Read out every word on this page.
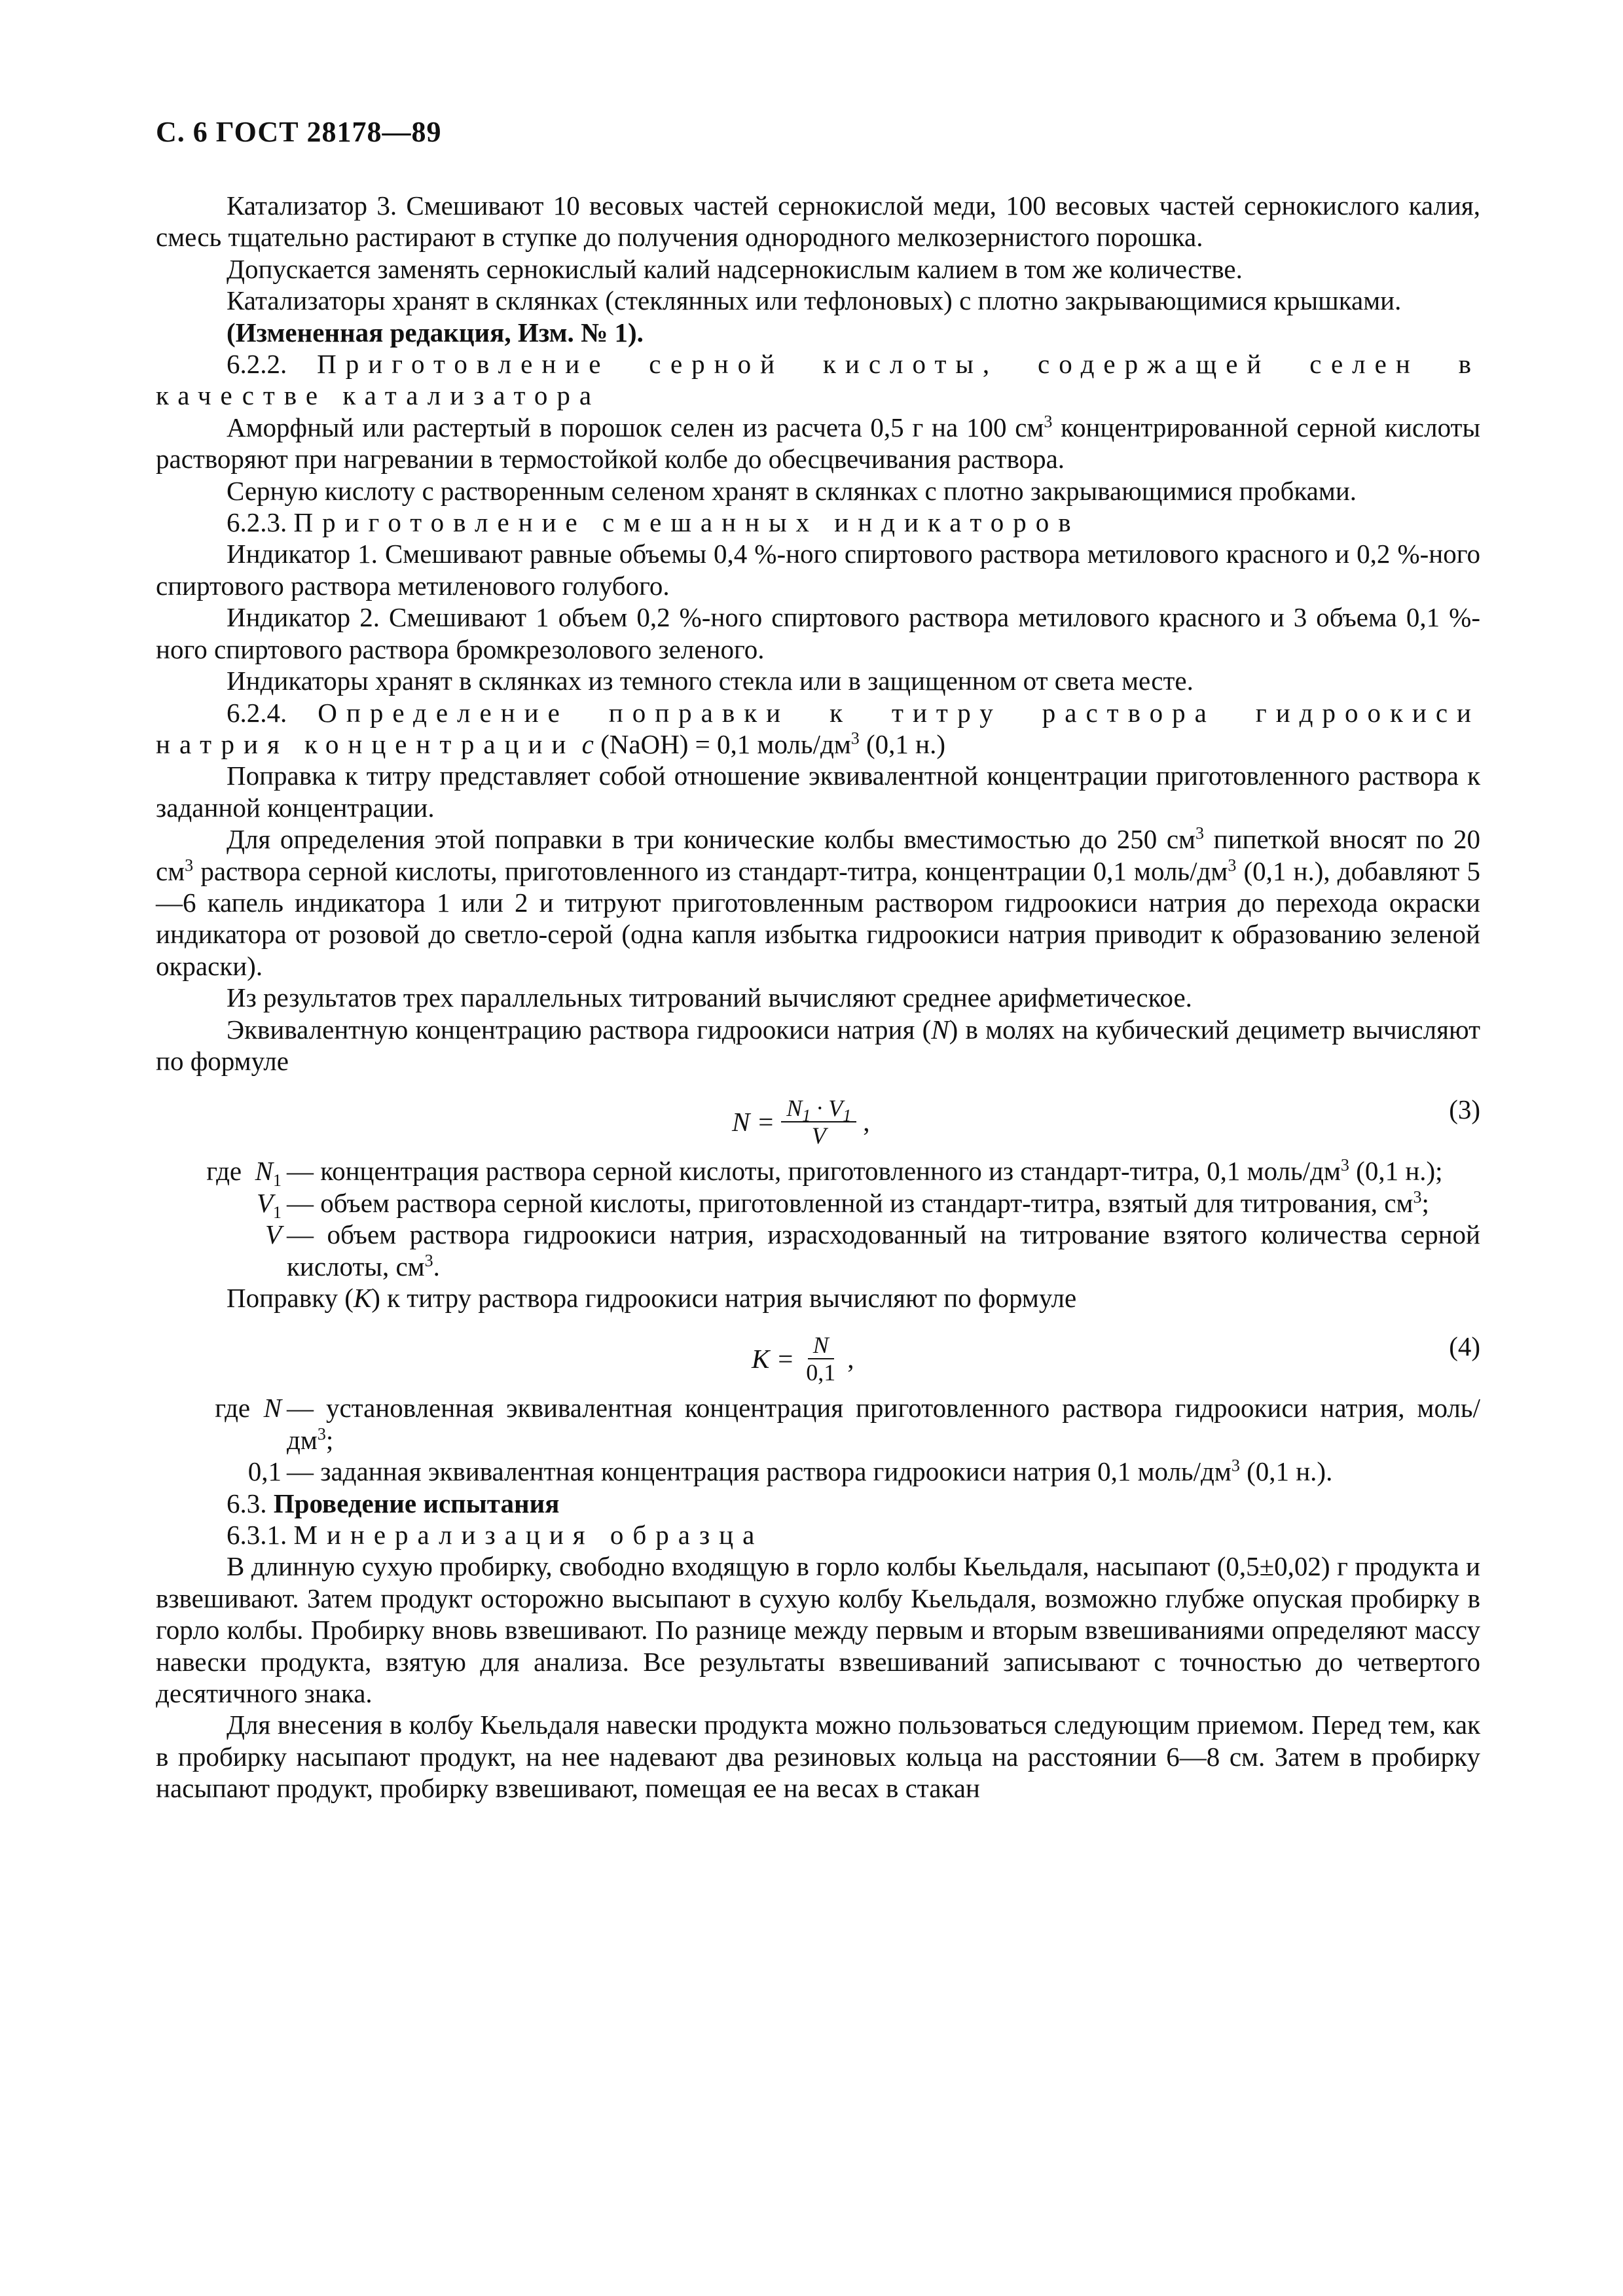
С. 6 ГОСТ 28178—89

Катализатор 3. Смешивают 10 весовых частей сернокислой меди, 100 весовых частей сернокислого калия, смесь тщательно растирают в ступке до получения однородного мелкозернистого порошка.

Допускается заменять сернокислый калий надсернокислым калием в том же количестве.

Катализаторы хранят в склянках (стеклянных или тефлоновых) с плотно закрывающимися крышками.

(Измененная редакция, Изм. № 1).

6.2.2. Приготовление серной кислоты, содержащей селен в качестве катализатора

Аморфный или растертый в порошок селен из расчета 0,5 г на 100 $см^3$ концентрированной серной кислоты растворяют при нагревании в термостойкой колбе до обесцвечивания раствора.

Серную кислоту с растворенным селеном хранят в склянках с плотно закрывающимися пробками.

6.2.3. Приготовление смешанных индикаторов

Индикатор 1. Смешивают равные объемы 0,4 %-ного спиртового раствора метилового красного и 0,2 %-ного спиртового раствора метиленового голубого.

Индикатор 2. Смешивают 1 объем 0,2 %-ного спиртового раствора метилового красного и 3 объема 0,1 %-ного спиртового раствора бромкрезолового зеленого.

Индикаторы хранят в склянках из темного стекла или в защищенном от света месте.

6.2.4. Определение поправки к титру раствора гидроокиси натрия концентрации c (NaOH) = 0,1 моль/$дм^3$ (0,1 н.)

Поправка к титру представляет собой отношение эквивалентной концентрации приготовленного раствора к заданной концентрации.

Для определения этой поправки в три конические колбы вместимостью до 250 $см^3$ пипеткой вносят по 20 $см^3$ раствора серной кислоты, приготовленного из стандарт-титра, концентрации 0,1 моль/$дм^3$ (0,1 н.), добавляют 5—6 капель индикатора 1 или 2 и титруют приготовленным раствором гидроокиси натрия до перехода окраски индикатора от розовой до светло-серой (одна капля избытка гидроокиси натрия приводит к образованию зеленой окраски).

Из результатов трех параллельных титрований вычисляют среднее арифметическое.

Эквивалентную концентрацию раствора гидроокиси натрия (N) в молях на кубический дециметр вычисляют по формуле

$N = \frac{N_1 \cdot V_1}{V}$ ,	(3)
где $N_1$ — концентрация раствора серной кислоты, приготовленного из стандарт-титра, 0,1 моль/$дм^3$ (0,1 н.);
$V_1$ — объем раствора серной кислоты, приготовленной из стандарт-титра, взятый для титрования, $см^3$;
V — объем раствора гидроокиси натрия, израсходованный на титрование взятого количества серной кислоты, $см^3$.

Поправку (K) к титру раствора гидроокиси натрия вычисляют по формуле

$K = \frac{N}{0,1}$ ,	(4)
где N — установленная эквивалентная концентрация приготовленного раствора гидроокиси натрия, моль/$дм^3$;
0,1 — заданная эквивалентная концентрация раствора гидроокиси натрия 0,1 моль/$дм^3$ (0,1 н.).

6.3. Проведение испытания

6.3.1. Минерализация образца

В длинную сухую пробирку, свободно входящую в горло колбы Кьельдаля, насыпают (0,5±0,02) г продукта и взвешивают. Затем продукт осторожно высыпают в сухую колбу Кьельдаля, возможно глубже опуская пробирку в горло колбы. Пробирку вновь взвешивают. По разнице между первым и вторым взвешиваниями определяют массу навески продукта, взятую для анализа. Все результаты взвешиваний записывают с точностью до четвертого десятичного знака.

Для внесения в колбу Кьельдаля навески продукта можно пользоваться следующим приемом. Перед тем, как в пробирку насыпают продукт, на нее надевают два резиновых кольца на расстоянии 6—8 см. Затем в пробирку насыпают продукт, пробирку взвешивают, помещая ее на весах в стакан
